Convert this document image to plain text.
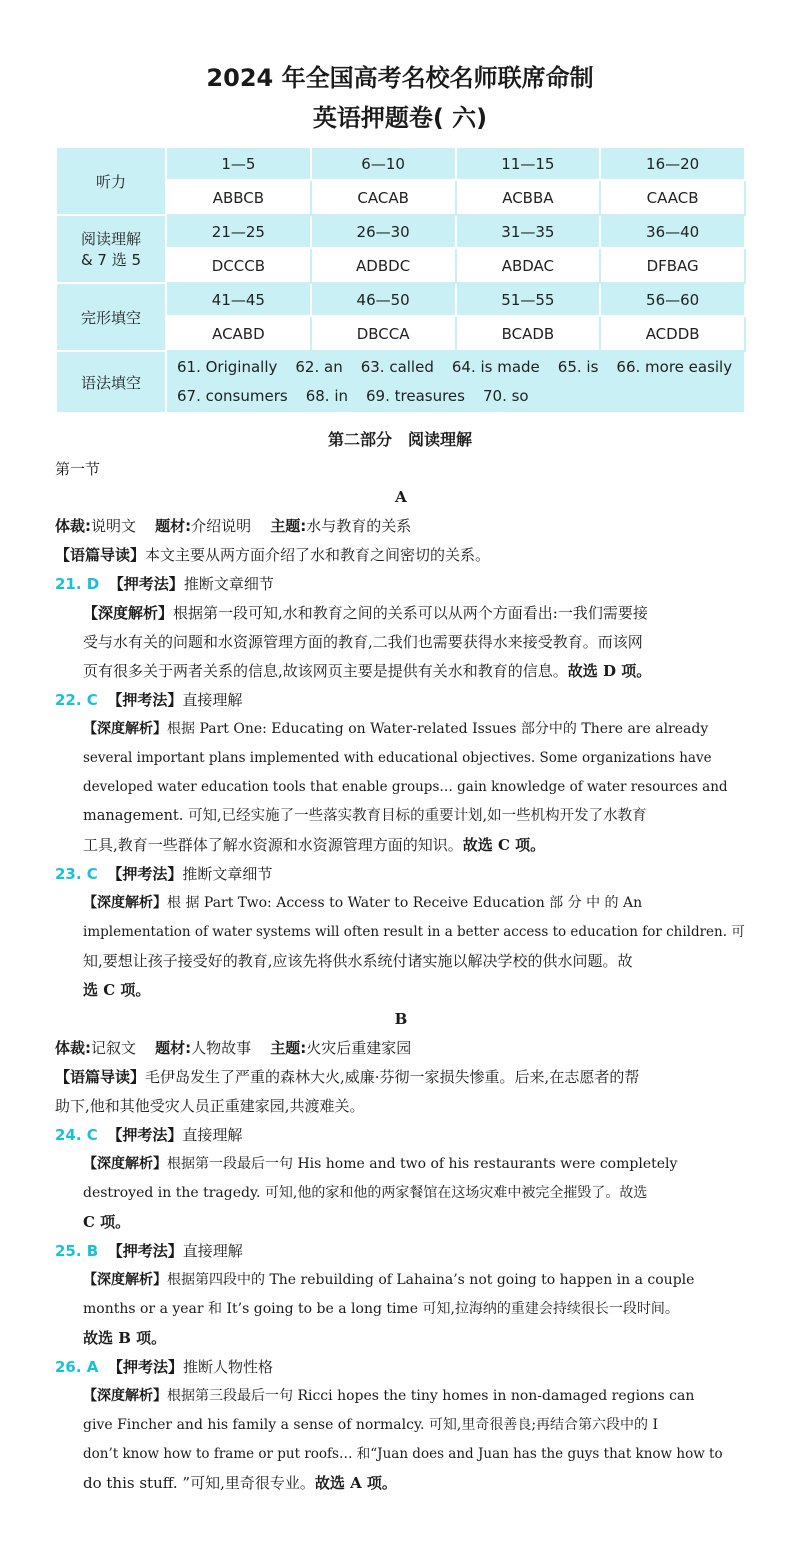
2024 年全国高考名校名师联席命制
英语押题卷( 六)
听力	1—5	6—10	11—15	16—20
	ABBCB	CACAB	ACBBA	CAACB
阅读理解
& 7 选 5	21—25	26—30	31—35	36—40
	DCCCB	ADBDC	ABDAC	DFBAG
完形填空	41—45	46—50	51—55	56—60
	ACABD	DBCCA	BCADB	ACDDB
语法填空	61. Originally 62. an 63. called 64. is made 65. is 66. more easily
67. consumers 68. in 69. treasures 70. so			
第二部分　阅读理解
第一节
A
体裁:说明文 题材:介绍说明 主题:水与教育的关系
【语篇导读】本文主要从两方面介绍了水和教育之间密切的关系。
21. D 【押考法】推断文章细节
【深度解析】根据第一段可知,水和教育之间的关系可以从两个方面看出:一我们需要接
受与水有关的问题和水资源管理方面的教育,二我们也需要获得水来接受教育。而该网
页有很多关于两者关系的信息,故该网页主要是提供有关水和教育的信息。故选 D 项。
22. C 【押考法】直接理解
【深度解析】根据 Part One: Educating on Water-related Issues 部分中的 There are already
several important plans implemented with educational objectives. Some organizations have
developed water education tools that enable groups… gain knowledge of water resources and
management. 可知,已经实施了一些落实教育目标的重要计划,如一些机构开发了水教育
工具,教育一些群体了解水资源和水资源管理方面的知识。故选 C 项。
23. C 【押考法】推断文章细节
【深度解析】根 据 Part Two: Access to Water to Receive Education 部 分 中 的 An
implementation of water systems will often result in a better access to education for children. 可
知,要想让孩子接受好的教育,应该先将供水系统付诸实施以解决学校的供水问题。故
选 C 项。
B
体裁:记叙文 题材:人物故事 主题:火灾后重建家园
【语篇导读】毛伊岛发生了严重的森林大火,威廉·芬彻一家损失惨重。后来,在志愿者的帮
助下,他和其他受灾人员正重建家园,共渡难关。
24. C 【押考法】直接理解
【深度解析】根据第一段最后一句 His home and two of his restaurants were completely
destroyed in the tragedy. 可知,他的家和他的两家餐馆在这场灾难中被完全摧毁了。故选
C 项。
25. B 【押考法】直接理解
【深度解析】根据第四段中的 The rebuilding of Lahaina’s not going to happen in a couple
months or a year 和 It’s going to be a long time 可知,拉海纳的重建会持续很长一段时间。
故选 B 项。
26. A 【押考法】推断人物性格
【深度解析】根据第三段最后一句 Ricci hopes the tiny homes in non-damaged regions can
give Fincher and his family a sense of normalcy. 可知,里奇很善良;再结合第六段中的 I
don’t know how to frame or put roofs… 和“Juan does and Juan has the guys that know how to
do this stuff. ”可知,里奇很专业。故选 A 项。
